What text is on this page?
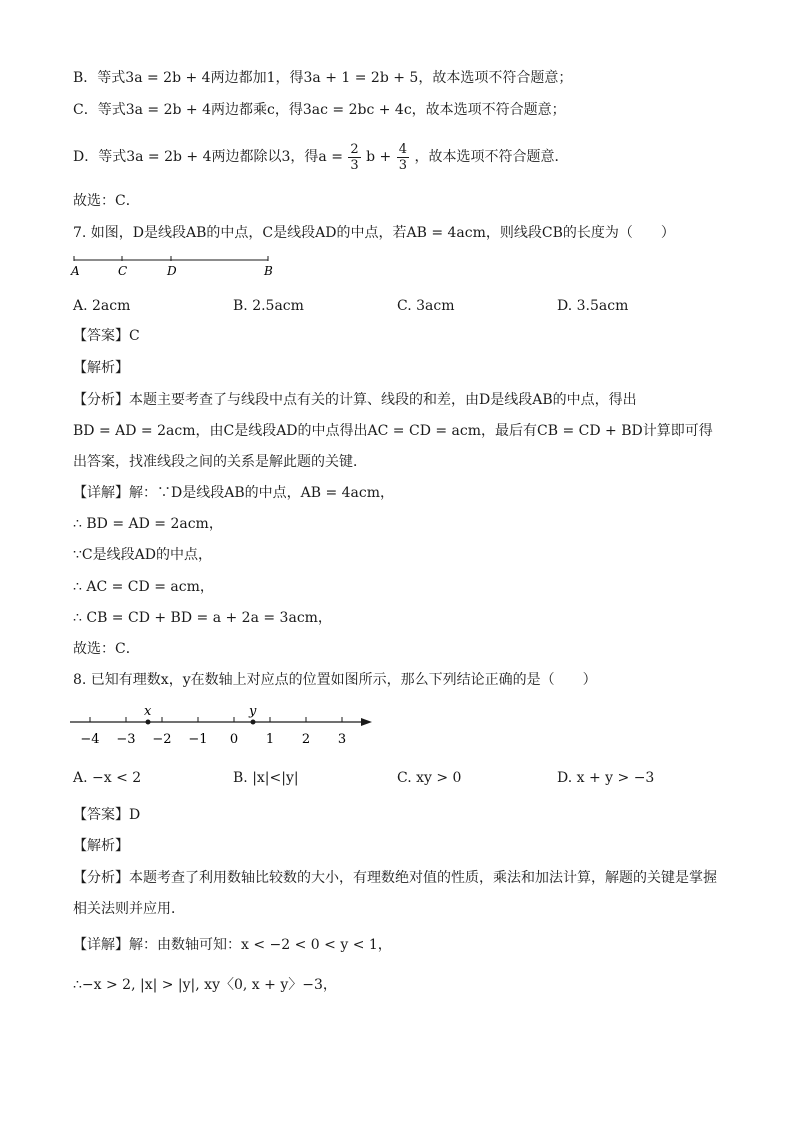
B．等式3a = 2b + 4两边都加1，得3a + 1 = 2b + 5，故本选项不符合题意；
C．等式3a = 2b + 4两边都乘c，得3ac = 2bc + 4c，故本选项不符合题意；
D．等式3a = 2b + 4两边都除以3，得$a = \frac{2}{3}$ $b + \frac{4}{3}$ ，故本选项不符合题意．
故选：C．
7. 如图，D是线段AB的中点，C是线段AD的中点，若AB = 4acm，则线段CB的长度为（　　）
A	C	D	B
A. 2acm	B. 2.5acm	C. 3acm	D. 3.5acm
【答案】C
【解析】
【分析】本题主要考查了与线段中点有关的计算、线段的和差，由D是线段AB的中点，得出
BD = AD = 2acm，由C是线段AD的中点得出AC = CD = acm，最后有CB = CD + BD计算即可得
出答案，找准线段之间的关系是解此题的关键．
【详解】解：∵D是线段AB的中点，AB = 4acm，
∴ BD = AD = 2acm，
∵C是线段AD的中点，
∴ AC = CD = acm，
∴ CB = CD + BD = a + 2a = 3acm，
故选：C．
8. 已知有理数x，y在数轴上对应点的位置如图所示，那么下列结论正确的是（　　）
−4 −3 −2 −1 0 1 2 3
x	y
A. −x < 2	B. |x|<|y|	C. xy > 0	D. x + y > −3
【答案】D
【解析】
【分析】本题考查了利用数轴比较数的大小，有理数绝对值的性质，乘法和加法计算，解题的关键是掌握
相关法则并应用．
【详解】解：由数轴可知：x < −2 < 0 < y < 1，
∴−x > 2, |x| > |y|, xy〈0, x + y〉−3，
